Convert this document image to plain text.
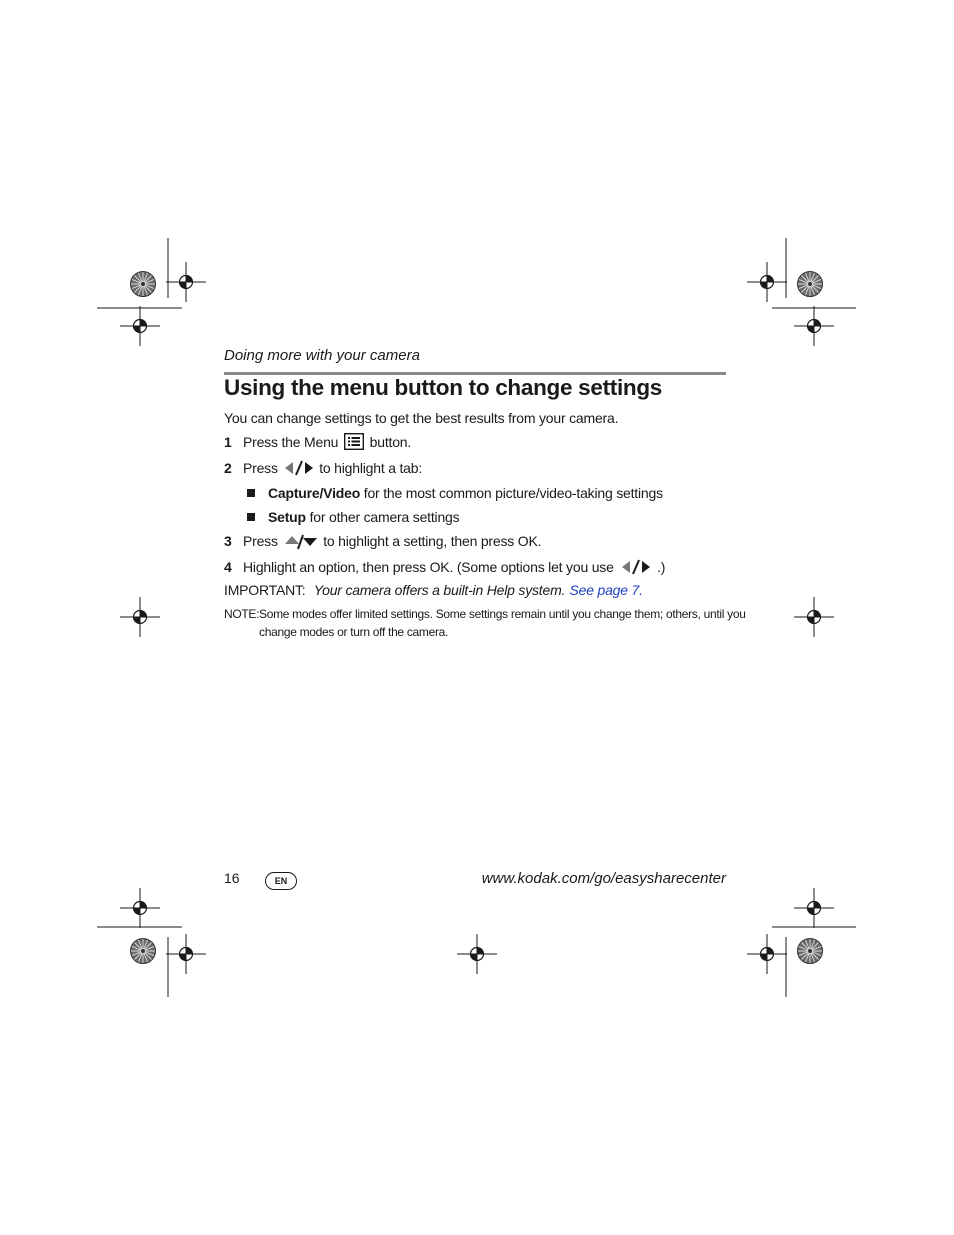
Doing more with your camera
Using the menu button to change settings
You can change settings to get the best results from your camera.
1 Press the Menu button.
2 Press	to highlight a tab:
Capture/Video for the most common picture/video-taking settings
Setup for other camera settings
3 Press	to highlight a setting, then press OK.
4 Highlight an option, then press OK. (Some options let you use	.)
IMPORTANT: Your camera offers a built-in Help system. See page 7.
NOTE: Some modes offer limited settings. Some settings remain until you change them; others, until you
change modes or turn off the camera.
16	EN	www.kodak.com/go/easysharecenter
